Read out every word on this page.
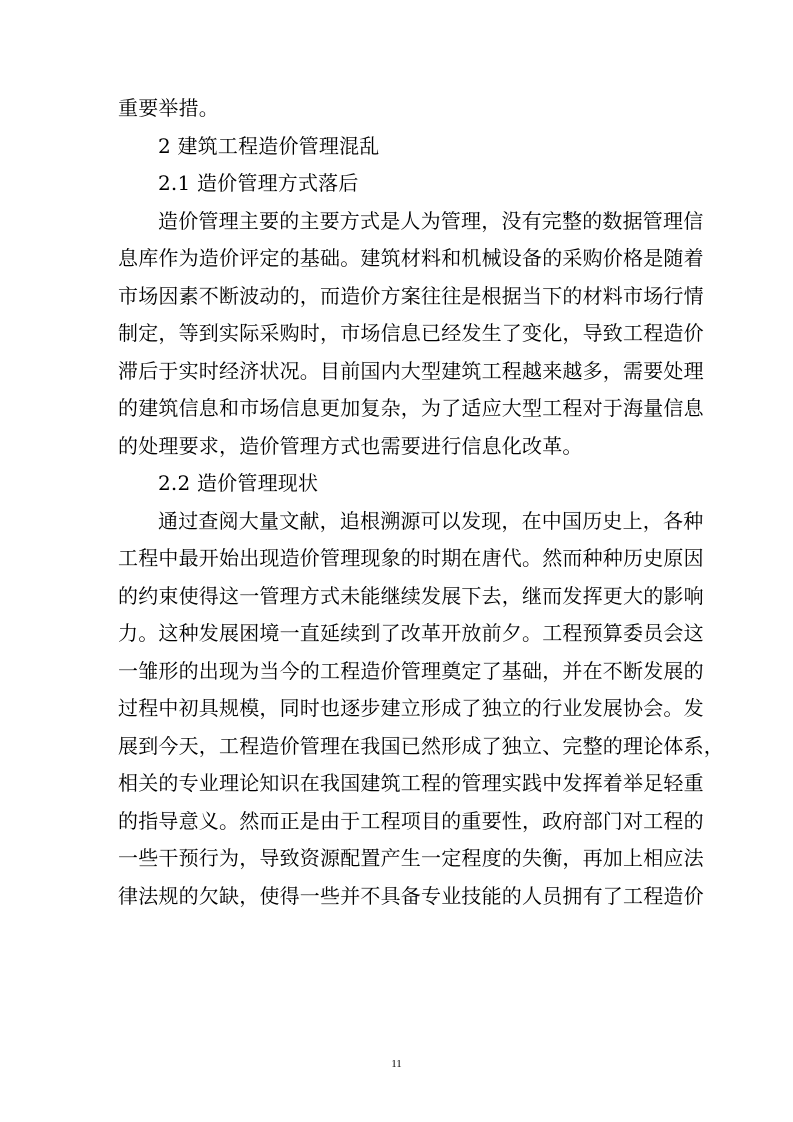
重要举措。
2 建筑工程造价管理混乱
2.1 造价管理方式落后
造价管理主要的主要方式是人为管理，没有完整的数据管理信
息库作为造价评定的基础。建筑材料和机械设备的采购价格是随着
市场因素不断波动的，而造价方案往往是根据当下的材料市场行情
制定，等到实际采购时，市场信息已经发生了变化，导致工程造价
滞后于实时经济状况。目前国内大型建筑工程越来越多，需要处理
的建筑信息和市场信息更加复杂，为了适应大型工程对于海量信息
的处理要求，造价管理方式也需要进行信息化改革。
2.2 造价管理现状
通过查阅大量文献，追根溯源可以发现，在中国历史上，各种
工程中最开始出现造价管理现象的时期在唐代。然而种种历史原因
的约束使得这一管理方式未能继续发展下去，继而发挥更大的影响
力。这种发展困境一直延续到了改革开放前夕。工程预算委员会这
一雏形的出现为当今的工程造价管理奠定了基础，并在不断发展的
过程中初具规模，同时也逐步建立形成了独立的行业发展协会。发
展到今天，工程造价管理在我国已然形成了独立、完整的理论体系，
相关的专业理论知识在我国建筑工程的管理实践中发挥着举足轻重
的指导意义。然而正是由于工程项目的重要性，政府部门对工程的
一些干预行为，导致资源配置产生一定程度的失衡，再加上相应法
律法规的欠缺，使得一些并不具备专业技能的人员拥有了工程造价
11
